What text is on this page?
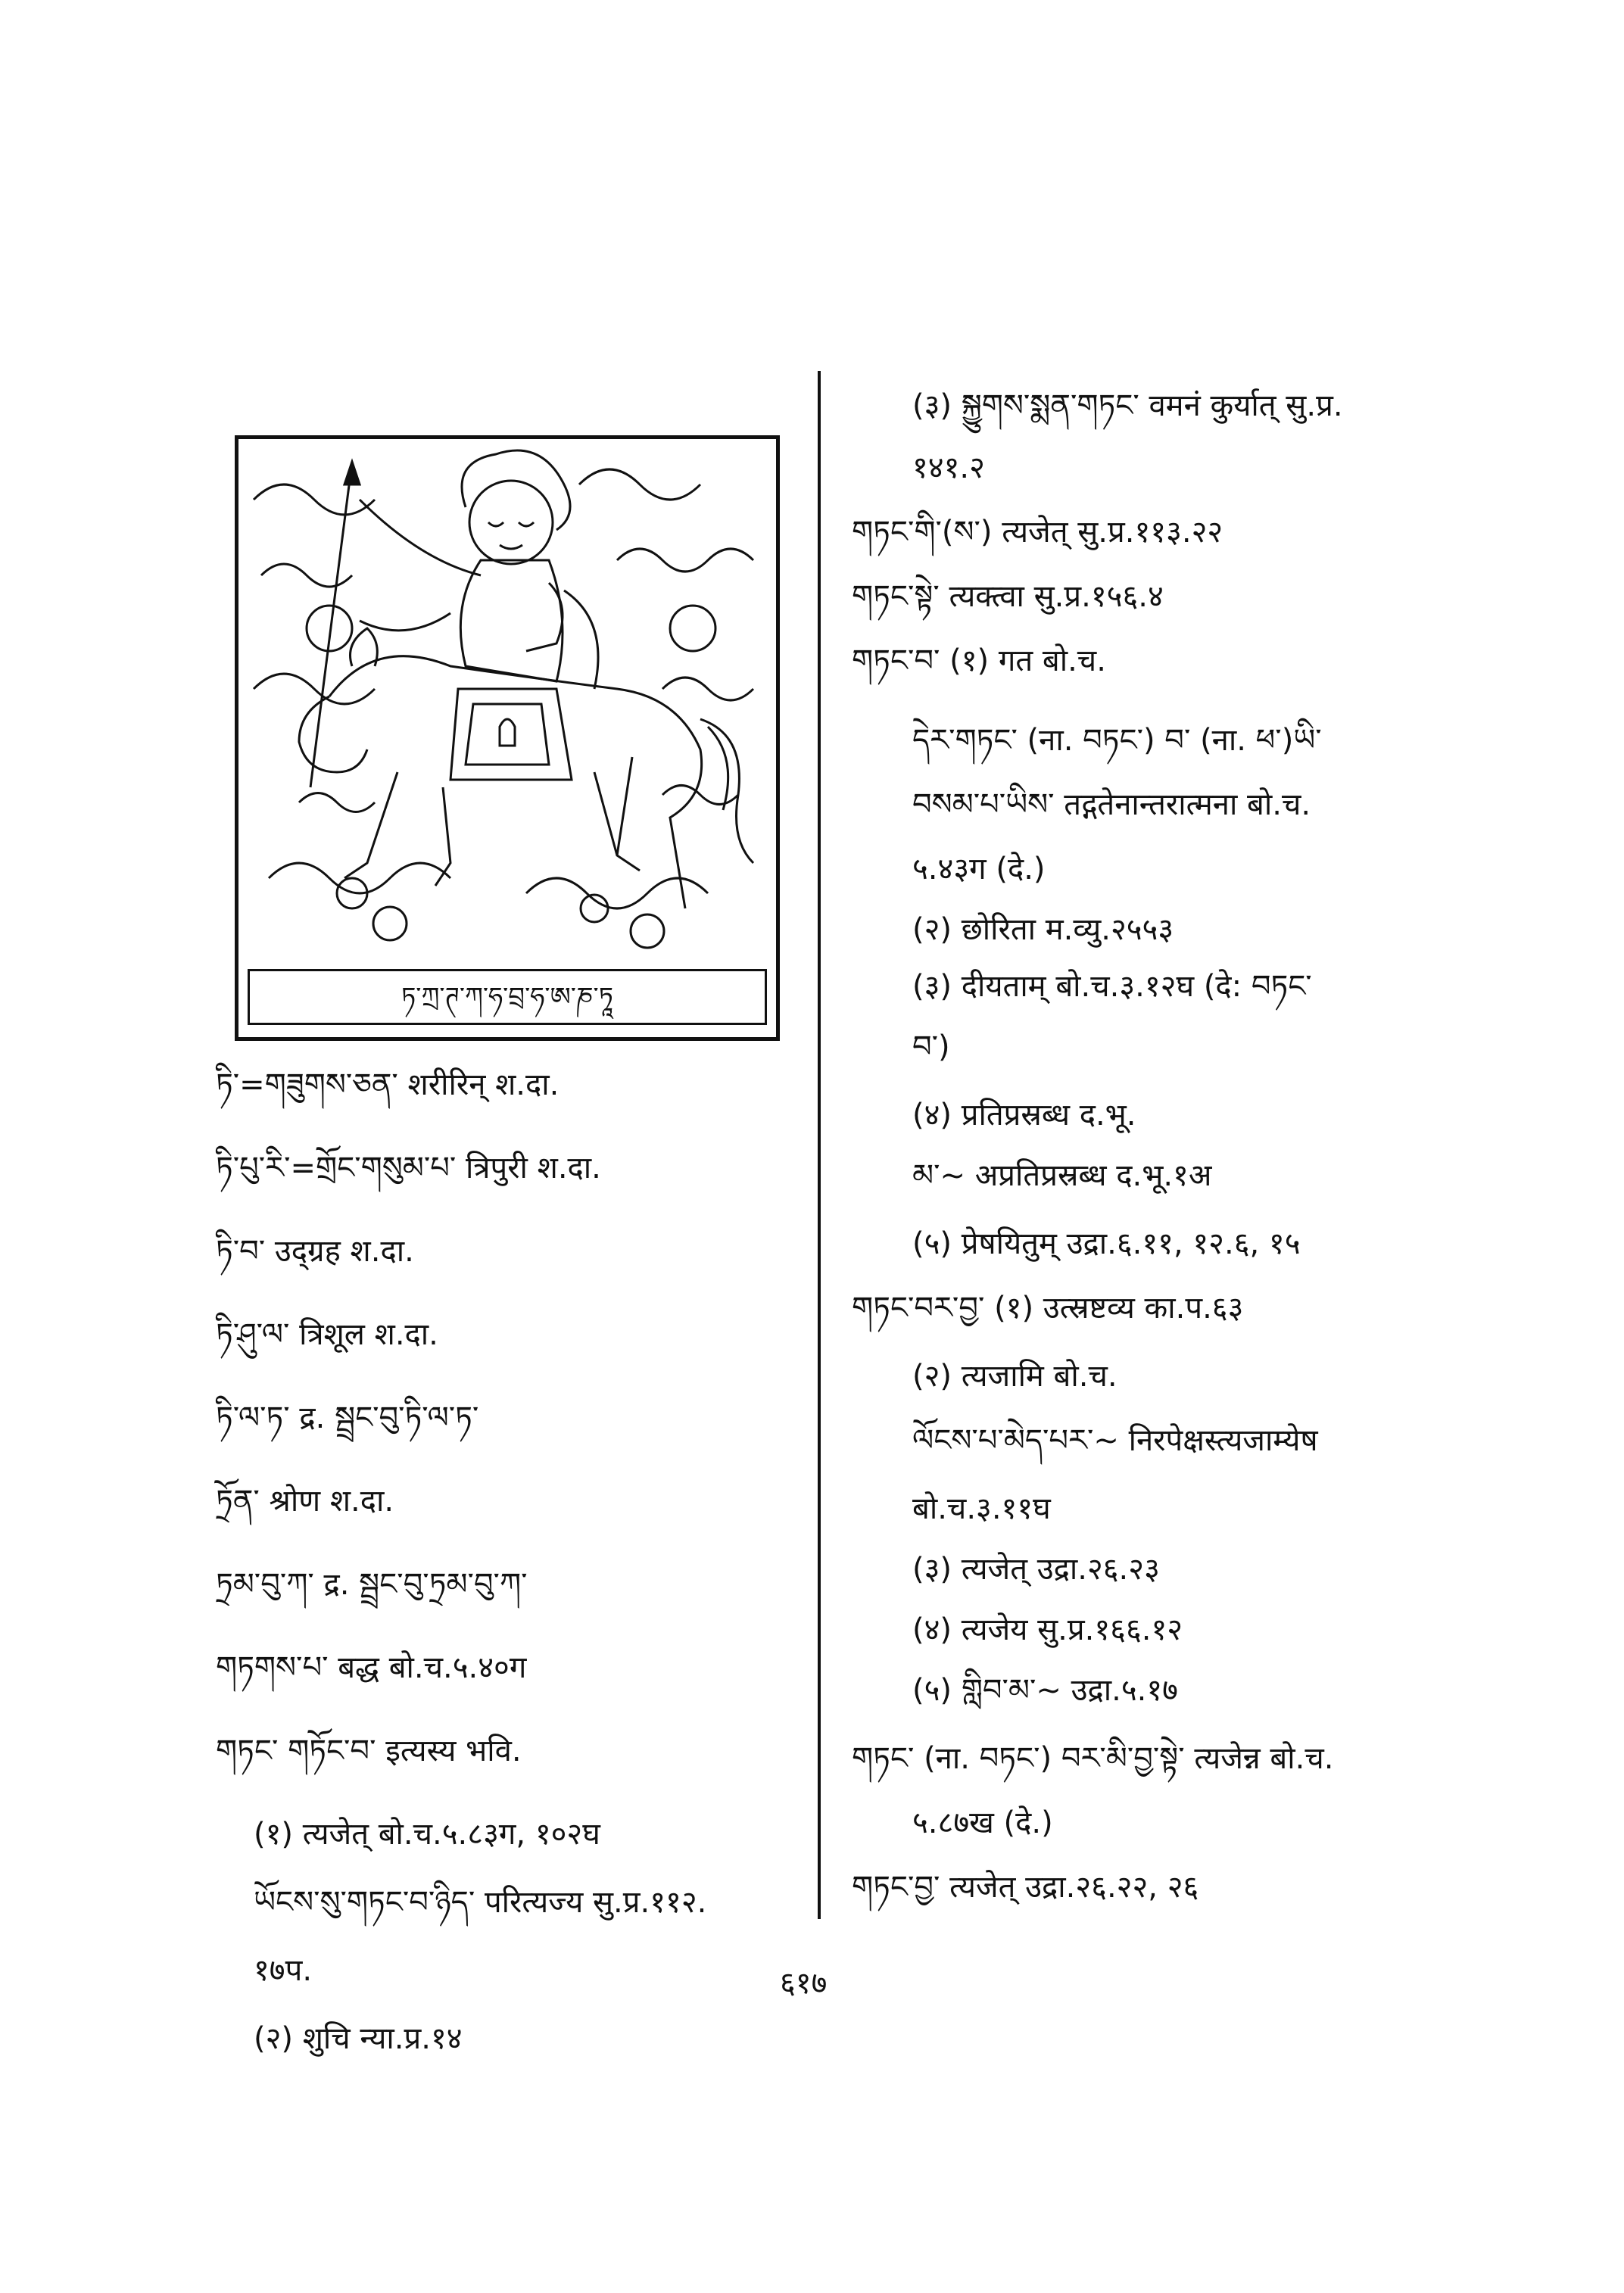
ཏ་ཀྲ་ཊ་ཀ་ཧ་བྲ་ཧ་ཨ་ཎ་ཏཱ
ཏི་=གཟུགས་ཅན་ शरीरिन् श.दा.
ཏི་པུ་རི་=གྲོང་གསུམ་པ་ त्रिपुरी श.दा.
ཏི་བ་ उद्ग्रह श.दा.
ཏི་ཤུ་ལ་ त्रिशूल श.दा.
ཏི་ལ་ཏ་ द्र. སྦྲང་བུ་ཏི་ལ་ཏ་
ཏྲོན་ श्रोण श.दा.
ཏྲམ་བུ་ཀ་ द्र. སྦྲང་བུ་ཏྲམ་བུ་ཀ་
གཏགས་པ་ बद्ध बो.च.५.४०ग
གཏང་ གཏོང་བ་ इत्यस्य भवि.
(१) त्यजेत् बो.च.५.८३ग, १०२घ
ཡོངས་སུ་གཏང་བ་ཉིད་ परित्यज्य सु.प्र.११२.
१७प.
(२) शुचि न्या.प्र.१४
(३) སྐྱུགས་སྨན་གཏང་ वमनं कुर्यात् सु.प्र.
१४१.२
གཏང་གི་(ས་) त्यजेत् सु.प्र.११३.२२
གཏང་སྟེ་ त्यक्त्वा सु.प्र.१५६.४
གཏང་བ་ (१) गत बो.च.
དེར་གཏང་ (ना. བཏང་) བ་ (ना. ཕ་)ཡི་
བསམ་པ་ཡིས་ तद्गतेनान्तरात्मना बो.च.
५.४३ग (दे.)
(२) छोरिता म.व्यु.२५५३
(३) दीयताम् बो.च.३.१२घ (दे: བཏང་
བ་)
(४) प्रतिप्रस्रब्ध द.भू.
མ་~ अप्रतिप्रस्रब्ध द.भू.१अ
(५) प्रेषयितुम् उद्रा.६.११, १२.६, १५
གཏང་བར་བྱ་ (१) उत्स्रष्टव्य का.प.६३
(२) त्यजामि बो.च.
ལོངས་པ་མེད་པར་~ निरपेक्षस्त्यजाम्येष
बो.च.३.११घ
(३) त्यजेत् उद्रा.२६.२३
(४) त्यजेय सु.प्र.१६६.१२
(५) གླིབ་མ་~ उद्रा.५.१७
གཏང་ (ना. བཏང་) བར་མི་བྱ་སྟེ་ त्यजेन्न बो.च.
५.८७ख (दे.)
གཏང་བྱ་ त्यजेत् उद्रा.२६.२२, २६
६१७
